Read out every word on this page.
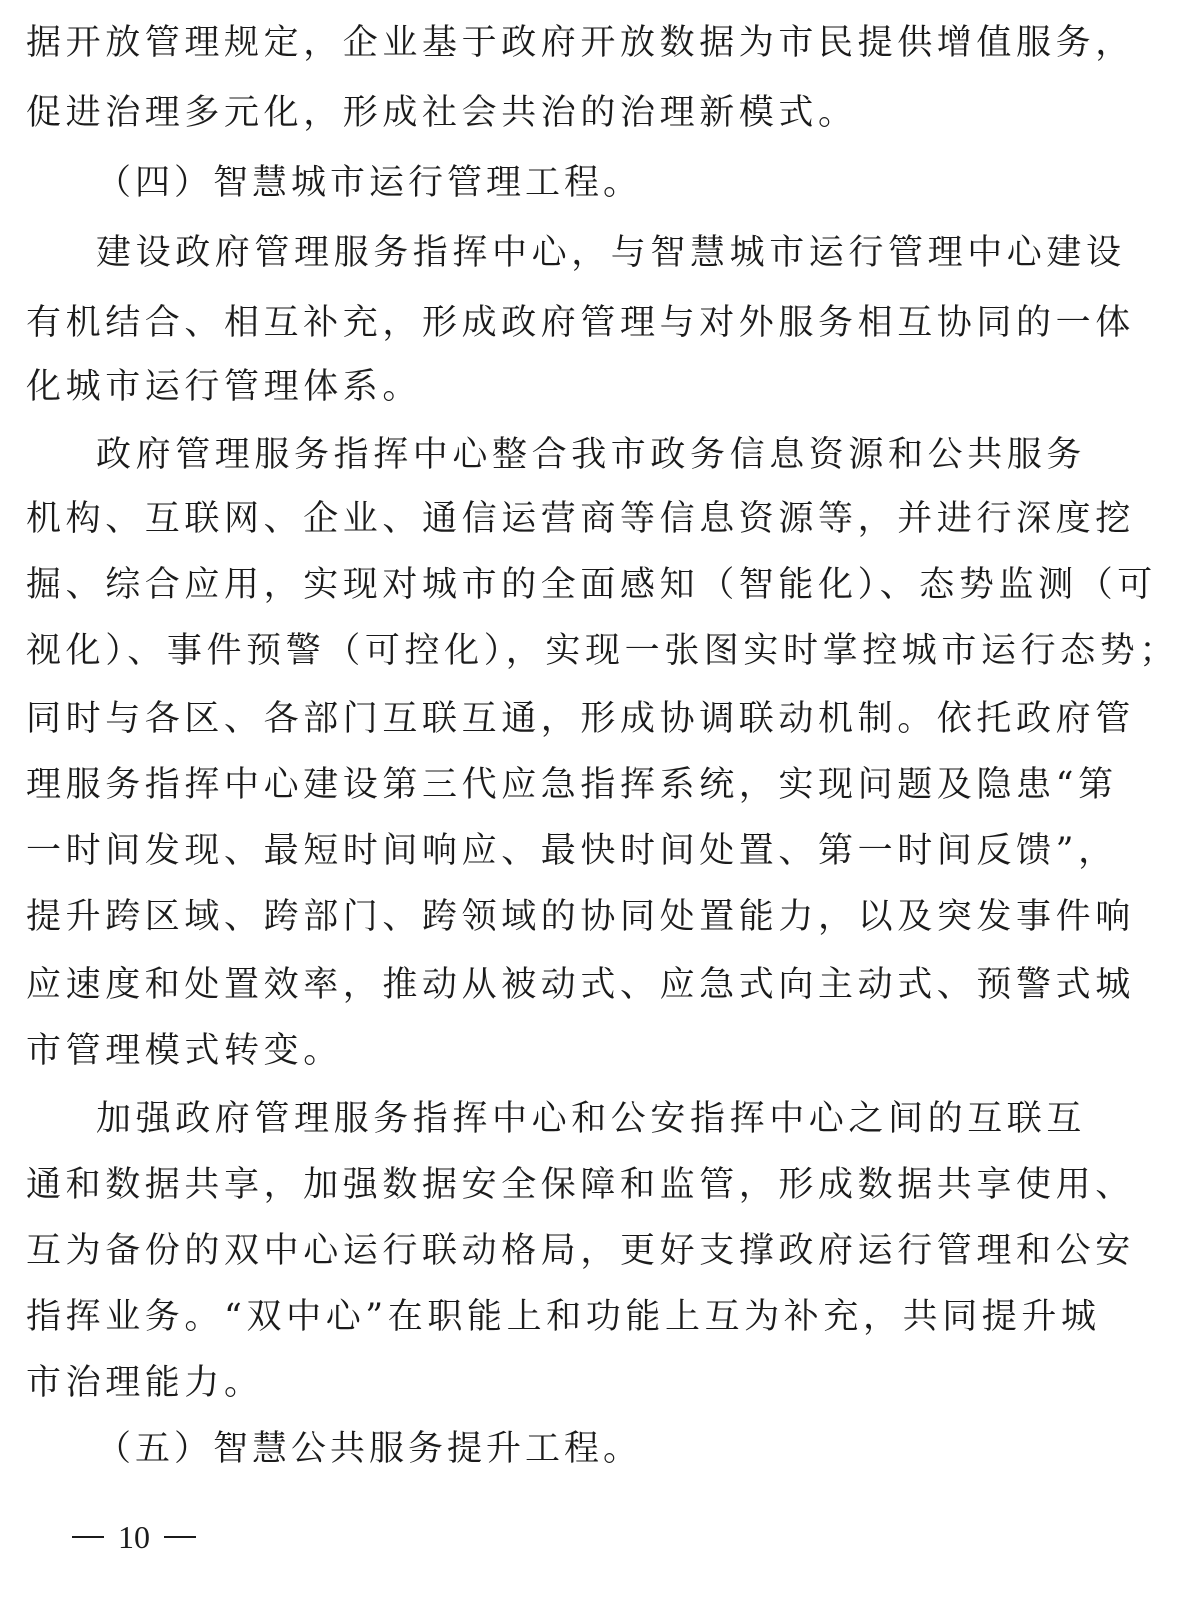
据开放管理规定，企业基于政府开放数据为市民提供增值服务，
促进治理多元化，形成社会共治的治理新模式。
（四）智慧城市运行管理工程。
建设政府管理服务指挥中心，与智慧城市运行管理中心建设
有机结合、相互补充，形成政府管理与对外服务相互协同的一体
化城市运行管理体系。
政府管理服务指挥中心整合我市政务信息资源和公共服务
机构、互联网、企业、通信运营商等信息资源等，并进行深度挖
掘、综合应用，实现对城市的全面感知（智能化）、态势监测（可
视化）、事件预警（可控化），实现一张图实时掌控城市运行态势；
同时与各区、各部门互联互通，形成协调联动机制。依托政府管
理服务指挥中心建设第三代应急指挥系统，实现问题及隐患“第
一时间发现、最短时间响应、最快时间处置、第一时间反馈”，
提升跨区域、跨部门、跨领域的协同处置能力，以及突发事件响
应速度和处置效率，推动从被动式、应急式向主动式、预警式城
市管理模式转变。
加强政府管理服务指挥中心和公安指挥中心之间的互联互
通和数据共享，加强数据安全保障和监管，形成数据共享使用、
互为备份的双中心运行联动格局，更好支撑政府运行管理和公安
指挥业务。“双中心”在职能上和功能上互为补充，共同提升城
市治理能力。
（五）智慧公共服务提升工程。
10
